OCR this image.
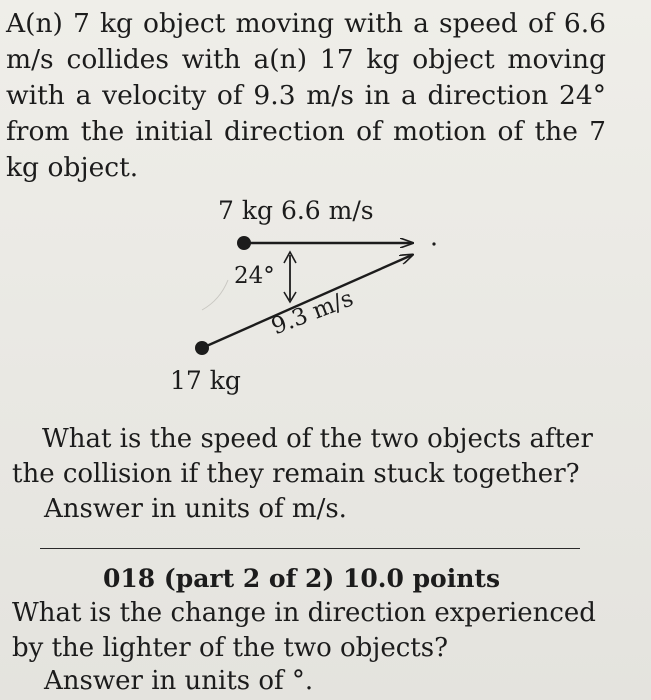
A(n) 7 kg object moving with a speed of 6.6 m/s collides with a(n) 17 kg object moving with a velocity of 9.3 m/s in a direction 24° from the initial direction of motion of the 7 kg object.

7 kg 6.6 m/s
24°
9.3 m/s
17 kg
What is the speed of the two objects after
the collision if they remain stuck together?
Answer in units of m/s.
018 (part 2 of 2) 10.0 points

What is the change in direction experienced by the lighter of the two objects?

Answer in units of °.
